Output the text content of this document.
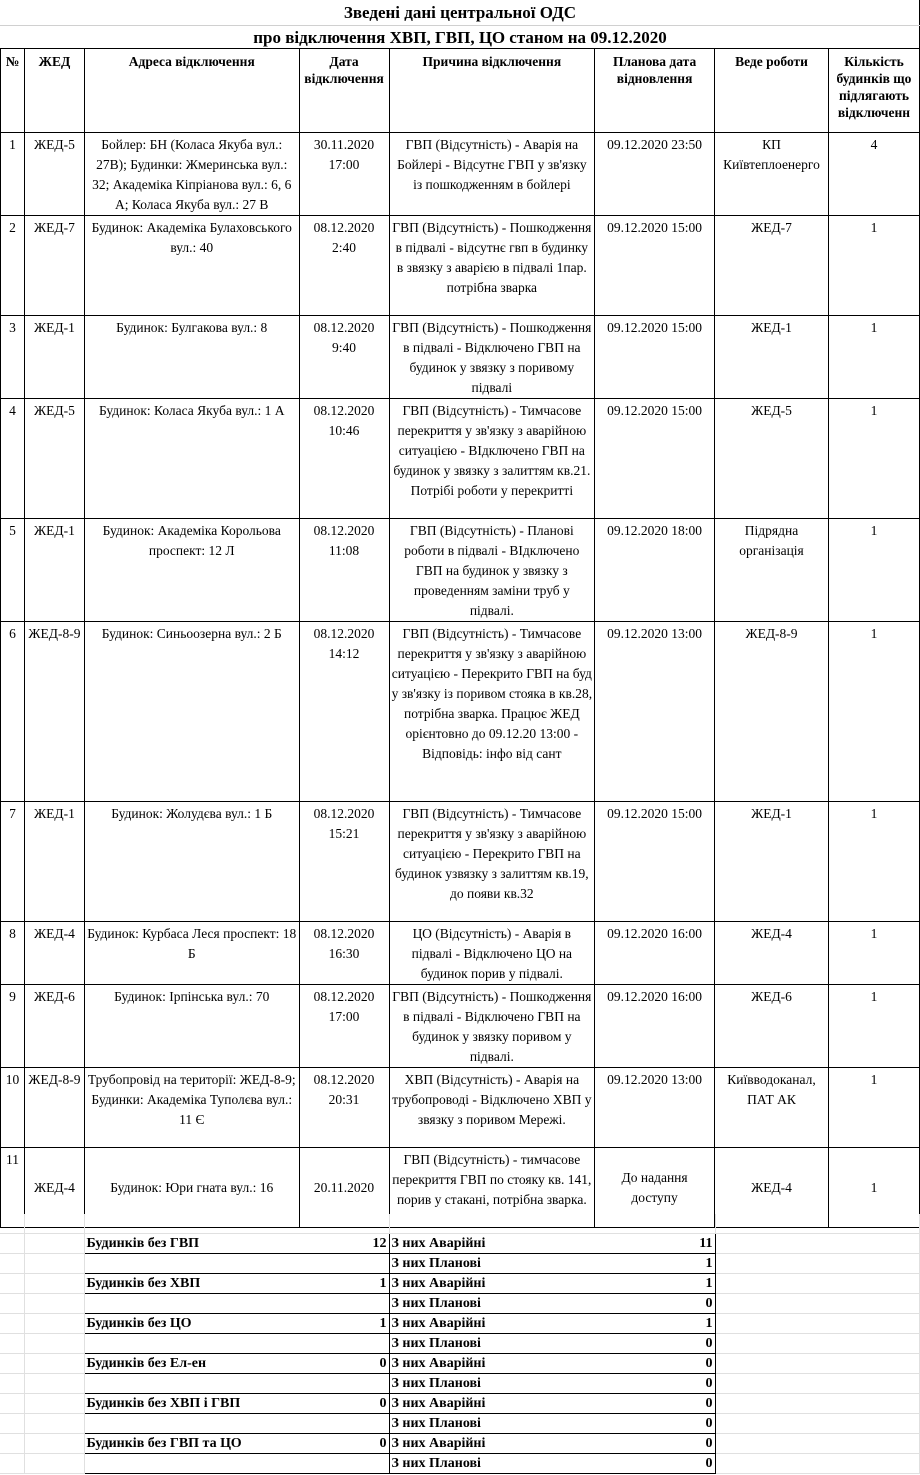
Зведені дані центральної ОДС
про відключення ХВП, ГВП, ЦО станом на 09.12.2020
№	ЖЕД	Адреса відключення	Дата відключення	Причина відключення	Планова дата відновлення	Веде роботи	Кількість будинків що підлягають відключенн
1	ЖЕД-5	Бойлер: БН (Коласа Якуба вул.: 27В); Будинки: Жмеринська вул.: 32; Академіка Кіпріанова вул.: 6, 6 А; Коласа Якуба вул.: 27 В	30.11.2020 17:00	ГВП (Відсутність) - Аварія на Бойлері - Відсутнє ГВП у зв'язку із пошкодженням в бойлері	09.12.2020 23:50	КП Київтеплоенерго	4
2	ЖЕД-7	Будинок: Академіка Булаховського вул.: 40	08.12.2020 2:40	ГВП (Відсутність) - Пошкодження в підвалі - відсутнє гвп в будинку в звязку з аварією в підвалі 1пар. потрібна зварка	09.12.2020 15:00	ЖЕД-7	1
3	ЖЕД-1	Будинок: Булгакова вул.: 8	08.12.2020 9:40	ГВП (Відсутність) - Пошкодження в підвалі - Відключено ГВП на будинок у звязку з поривому підвалі	09.12.2020 15:00	ЖЕД-1	1
4	ЖЕД-5	Будинок: Коласа Якуба вул.: 1 А	08.12.2020 10:46	ГВП (Відсутність) - Тимчасове перекриття у зв'язку з аварійною ситуацією - ВІдключено ГВП на будинок у звязку з залиттям кв.21. Потрібі роботи у перекритті	09.12.2020 15:00	ЖЕД-5	1
5	ЖЕД-1	Будинок: Академіка Корольова проспект: 12 Л	08.12.2020 11:08	ГВП (Відсутність) - Планові роботи в підвалі - ВІдключено ГВП на будинок у звязку з проведенням заміни труб у підвалі.	09.12.2020 18:00	Підрядна організація	1
6	ЖЕД-8-9	Будинок: Синьоозерна вул.: 2 Б	08.12.2020 14:12	ГВП (Відсутність) - Тимчасове перекриття у зв'язку з аварійною ситуацією - Перекрито ГВП на буд у зв'язку із поривом стояка в кв.28, потрібна зварка. Працює ЖЕД орієнтовно до 09.12.20 13:00 - Відповідь: інфо від сант	09.12.2020 13:00	ЖЕД-8-9	1
7	ЖЕД-1	Будинок: Жолудєва вул.: 1 Б	08.12.2020 15:21	ГВП (Відсутність) - Тимчасове перекриття у зв'язку з аварійною ситуацією - Перекрито ГВП на будинок узвязку з залиттям кв.19, до появи кв.32	09.12.2020 15:00	ЖЕД-1	1
8	ЖЕД-4	Будинок: Курбаса Леся проспект: 18 Б	08.12.2020 16:30	ЦО (Відсутність) - Аварія в підвалі - Відключено ЦО на будинок порив у підвалі.	09.12.2020 16:00	ЖЕД-4	1
9	ЖЕД-6	Будинок: Ірпінська вул.: 70	08.12.2020 17:00	ГВП (Відсутність) - Пошкодження в підвалі - Відключено ГВП на будинок у звязку поривом у підвалі.	09.12.2020 16:00	ЖЕД-6	1
10	ЖЕД-8-9	Трубопровід на території: ЖЕД-8-9; Будинки: Академіка Туполєва вул.: 11 Є	08.12.2020 20:31	ХВП (Відсутність) - Аварія на трубопроводі - Відключено ХВП у звязку з поривом Мережі.	09.12.2020 13:00	Київводоканал, ПАТ АК	1
11	ЖЕД-4	Будинок: Юри гната вул.: 16	20.11.2020	ГВП (Відсутність) - тимчасове перекриття ГВП по стояку кв. 141, порив у стакані, потрібна зварка.	До надання доступу	ЖЕД-4	1

		Будинків без ГВП 12	З них Аварійні 11	

			З них Планові 1	

		Будинків без ХВП 1	З них Аварійні 1	

			З них Планові 0	

		Будинків без ЦО 1	З них Аварійні 1	

			З них Планові 0	

		Будинків без Ел-ен 0	З них Аварійні 0	

			З них Планові 0	

		Будинків без ХВП і ГВП 0	З них Аварійні 0	

			З них Планові 0	

		Будинків без ГВП та ЦО 0	З них Аварійні 0	

			З них Планові 0	
